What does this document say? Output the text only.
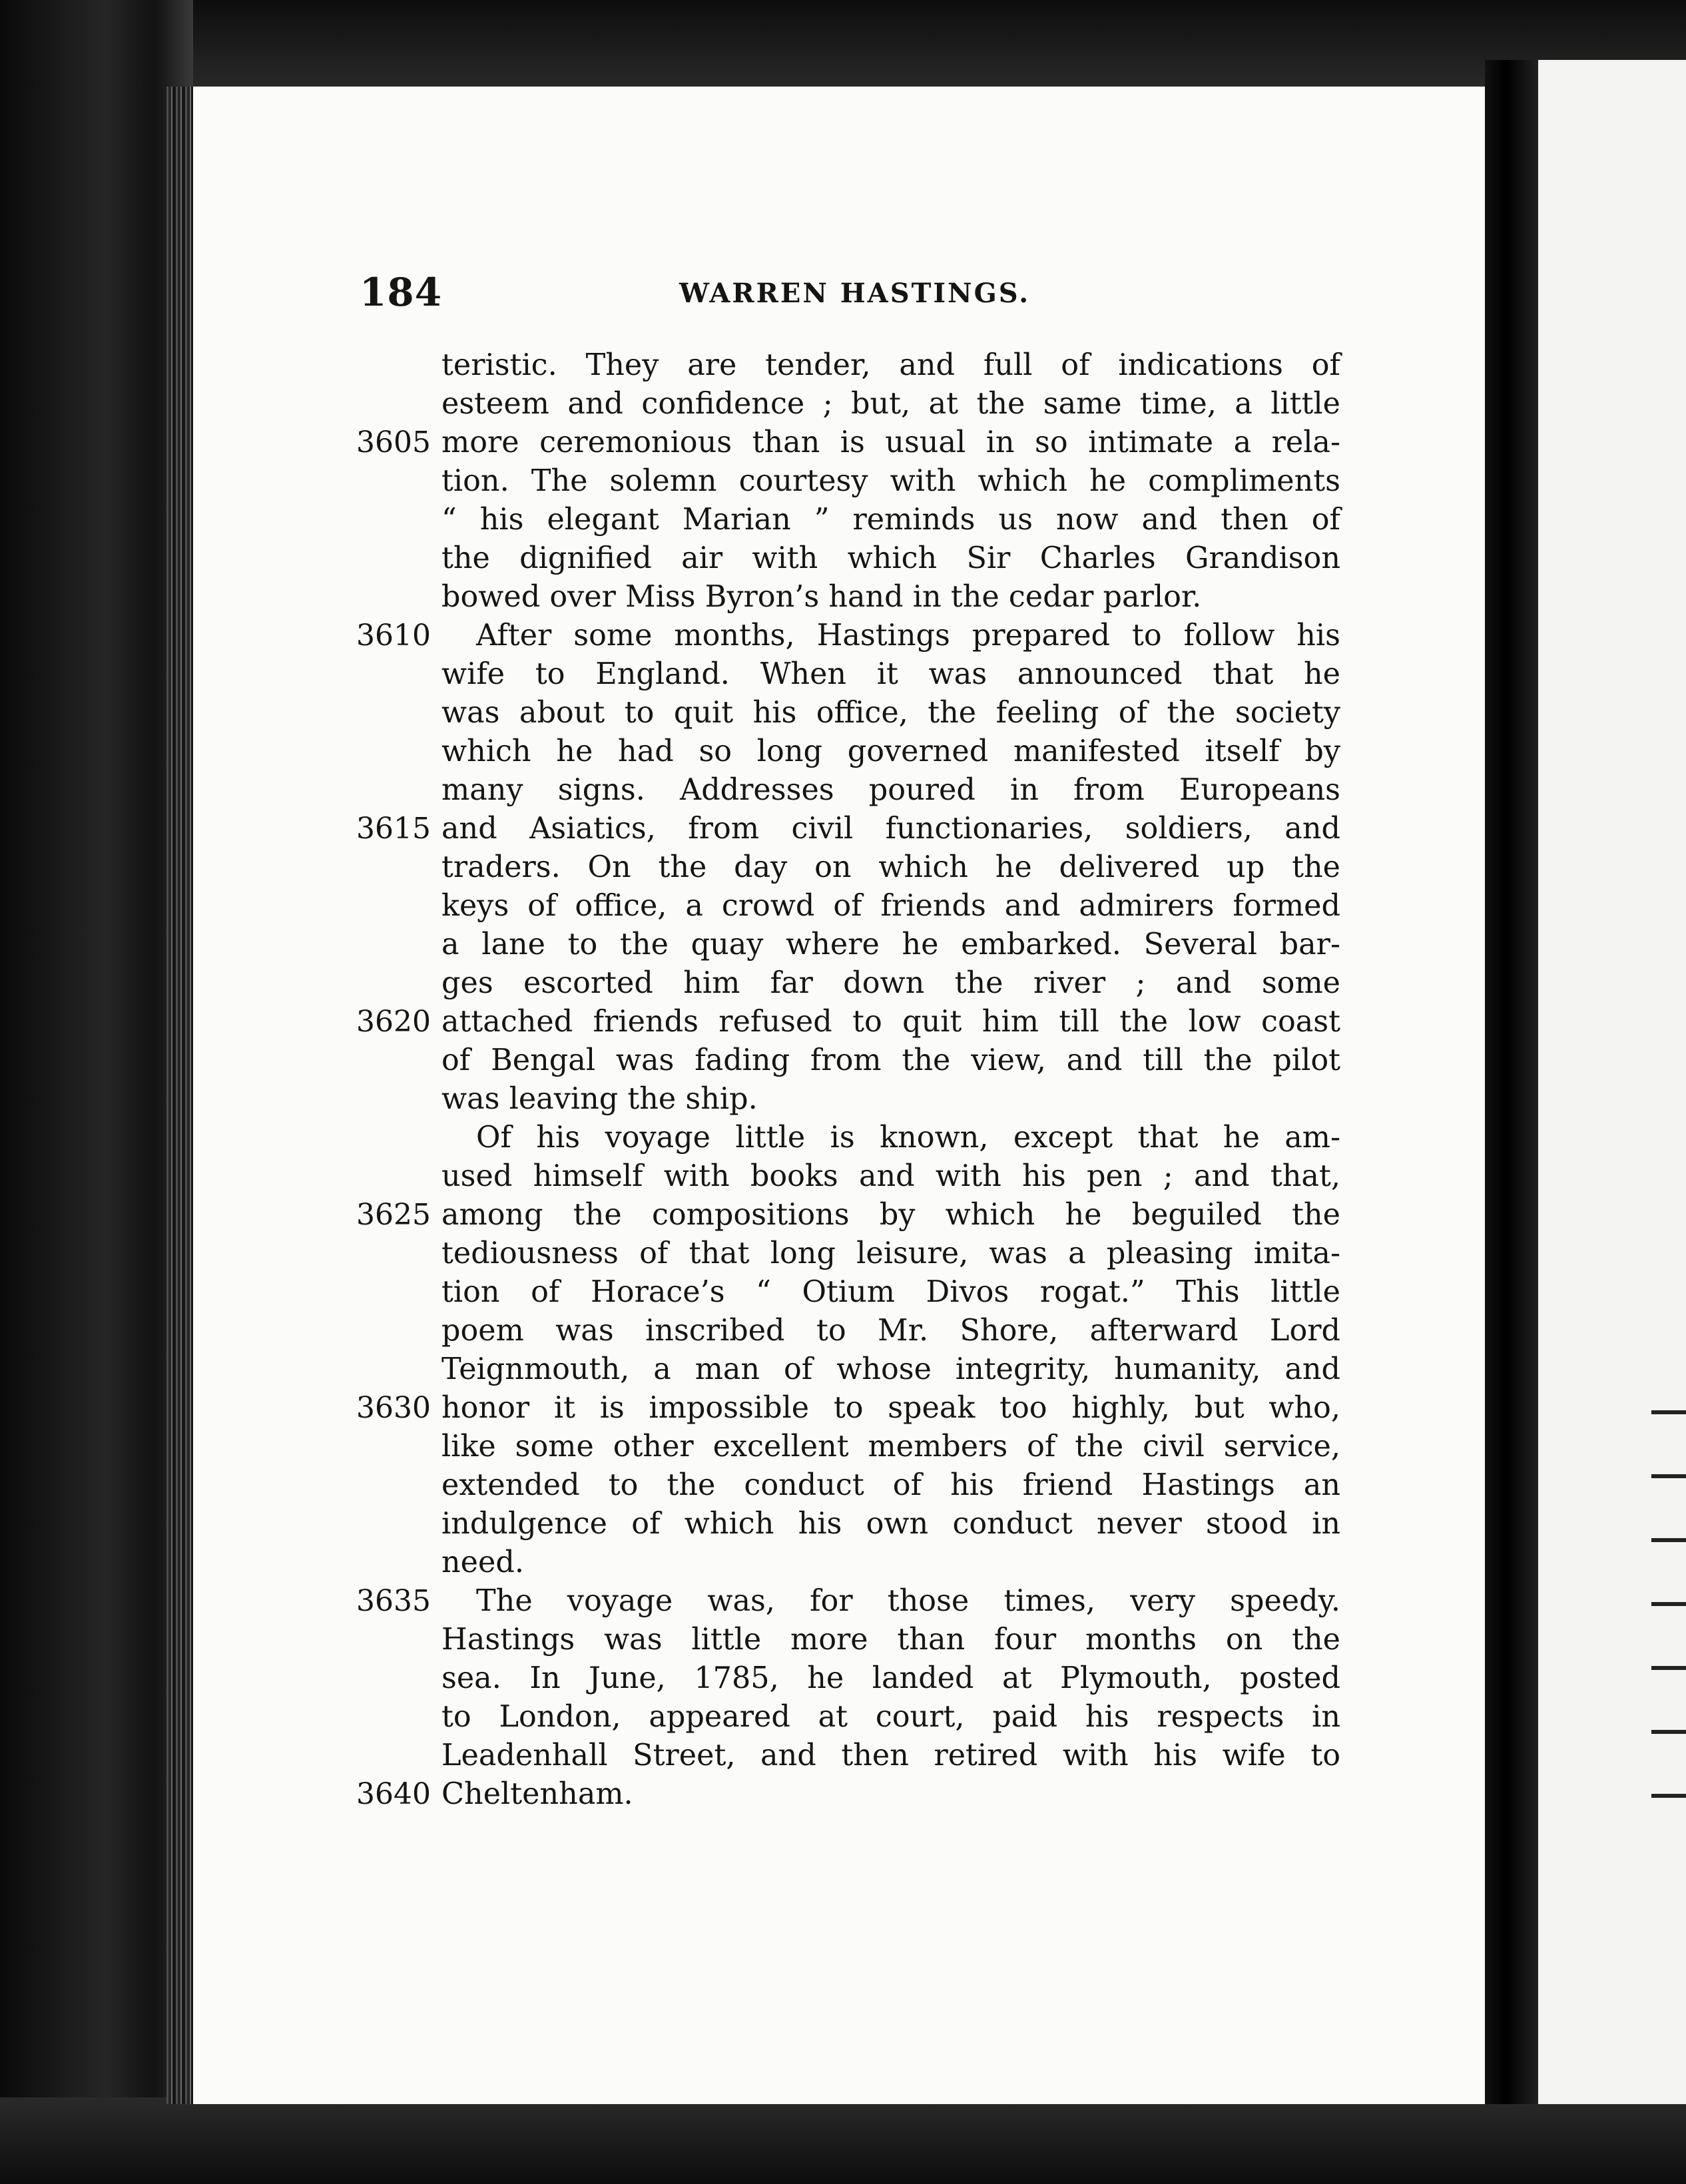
184	WARREN HASTINGS.
teristic. They are tender, and full of indications of
esteem and confidence ; but, at the same time, a little
3605 more ceremonious than is usual in so intimate a rela-
tion. The solemn courtesy with which he compliments
“ his elegant Marian ” reminds us now and then of
the dignified air with which Sir Charles Grandison
bowed over Miss Byron’s hand in the cedar parlor.
3610	After some months, Hastings prepared to follow his
wife to England. When it was announced that he
was about to quit his office, the feeling of the society
which he had so long governed manifested itself by
many signs. Addresses poured in from Europeans
3615 and Asiatics, from civil functionaries, soldiers, and
traders. On the day on which he delivered up the
keys of office, a crowd of friends and admirers formed
a lane to the quay where he embarked. Several bar-
ges escorted him far down the river ; and some
3620 attached friends refused to quit him till the low coast
of Bengal was fading from the view, and till the pilot
was leaving the ship.
Of his voyage little is known, except that he am-
used himself with books and with his pen ; and that,
3625 among the compositions by which he beguiled the
tediousness of that long leisure, was a pleasing imita-
tion of Horace’s “ Otium Divos rogat.” This little
poem was inscribed to Mr. Shore, afterward Lord
Teignmouth, a man of whose integrity, humanity, and
3630 honor it is impossible to speak too highly, but who,
like some other excellent members of the civil service,
extended to the conduct of his friend Hastings an
indulgence of which his own conduct never stood in
need.
3635	The voyage was, for those times, very speedy.
Hastings was little more than four months on the
sea. In June, 1785, he landed at Plymouth, posted
to London, appeared at court, paid his respects in
Leadenhall Street, and then retired with his wife to
3640 Cheltenham.
